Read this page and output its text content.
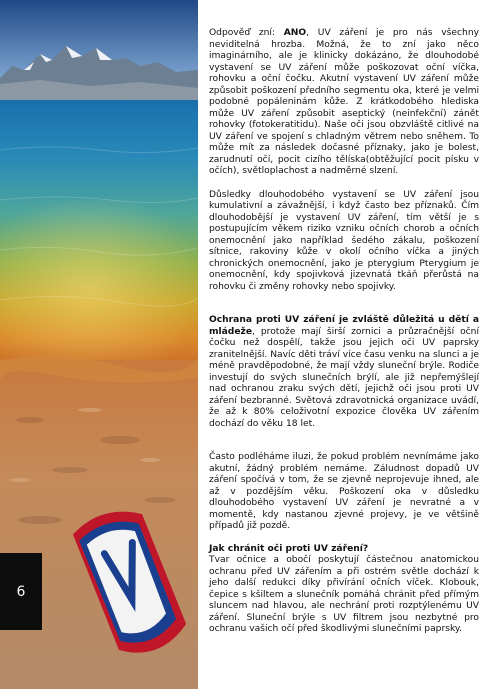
6

Odpověď zní: ANO, UV záření je pro nás všechny neviditelná hrozba. Možná, že to zní jako něco imaginárního, ale je klinicky dokázáno, že dlouhodobé vystavení se UV záření může poškozovat oční víčka, rohovku a oční čočku. Akutní vystavení UV záření může způsobit poškození předního segmentu oka, které je velmi podobné popáleninám kůže. Z krátkodobého hlediska může UV záření způsobit aseptický (neinfekční) zánět rohovky (fotokeratitidu). Naše oči jsou obzvláště citlivé na UV záření ve spojení s chladným větrem nebo sněhem. To může mít za následek dočasné příznaky, jako je bolest, zarudnutí očí, pocit cizího tělíska(obtěžující pocit písku v očích), světloplachost a nadměrné slzení.

Důsledky dlouhodobého vystavení se UV záření jsou kumulativní a závažnější, i když často bez příznaků. Čím dlouhodobější je vystavení UV záření, tím větší je s postupujícím věkem riziko vzniku očních chorob a očních onemocnění jako například šedého zákalu, poškození sítnice, rakoviny kůže v okolí očního víčka a jiných chronických onemocnění, jako je pterygium Pterygium je onemocnění, kdy spojivková jizevnatá tkáň přerůstá na rohovku či změny rohovky nebo spojivky.

Ochrana proti UV záření je zvláště důležitá u dětí a mládeže, protože mají širší zornici a průzračnější oční čočku než dospělí, takže jsou jejich oči UV paprsky zranitelnější. Navíc děti tráví více času venku na slunci a je méně pravděpodobné, že mají vždy sluneční brýle. Rodiče investují do svých slunečních brýlí, ale již nepřemýšlejí nad ochranou zraku svých dětí, jejichž oči jsou proti UV záření bezbranné. Světová zdravotnická organizace uvádí, že až k 80% celoživotní expozice člověka UV zářením dochází do věku 18 let.

Často podléháme iluzi, že pokud problém nevnímáme jako akutní, žádný problém nemáme. Záludnost dopadů UV záření spočívá v tom, že se zjevně neprojevuje ihned, ale až v pozdějším věku. Poškození oka v důsledku dlouhodobého vystavení UV záření je nevratné a v momentě, kdy nastanou zjevné projevy, je ve většině případů již pozdě.

Jak chránit oči proti UV záření?

Tvar očnice a obočí poskytují částečnou anatomickou ochranu před UV zářením a při ostrém světle dochází k jeho další redukci díky přivírání očních víček. Klobouk, čepice s kšiltem a slunečník pomáhá chránit před přímým sluncem nad hlavou, ale nechrání proti rozptýlenému UV záření. Sluneční brýle s UV filtrem jsou nezbytné pro ochranu vašich očí před škodlivými slunečními paprsky.
